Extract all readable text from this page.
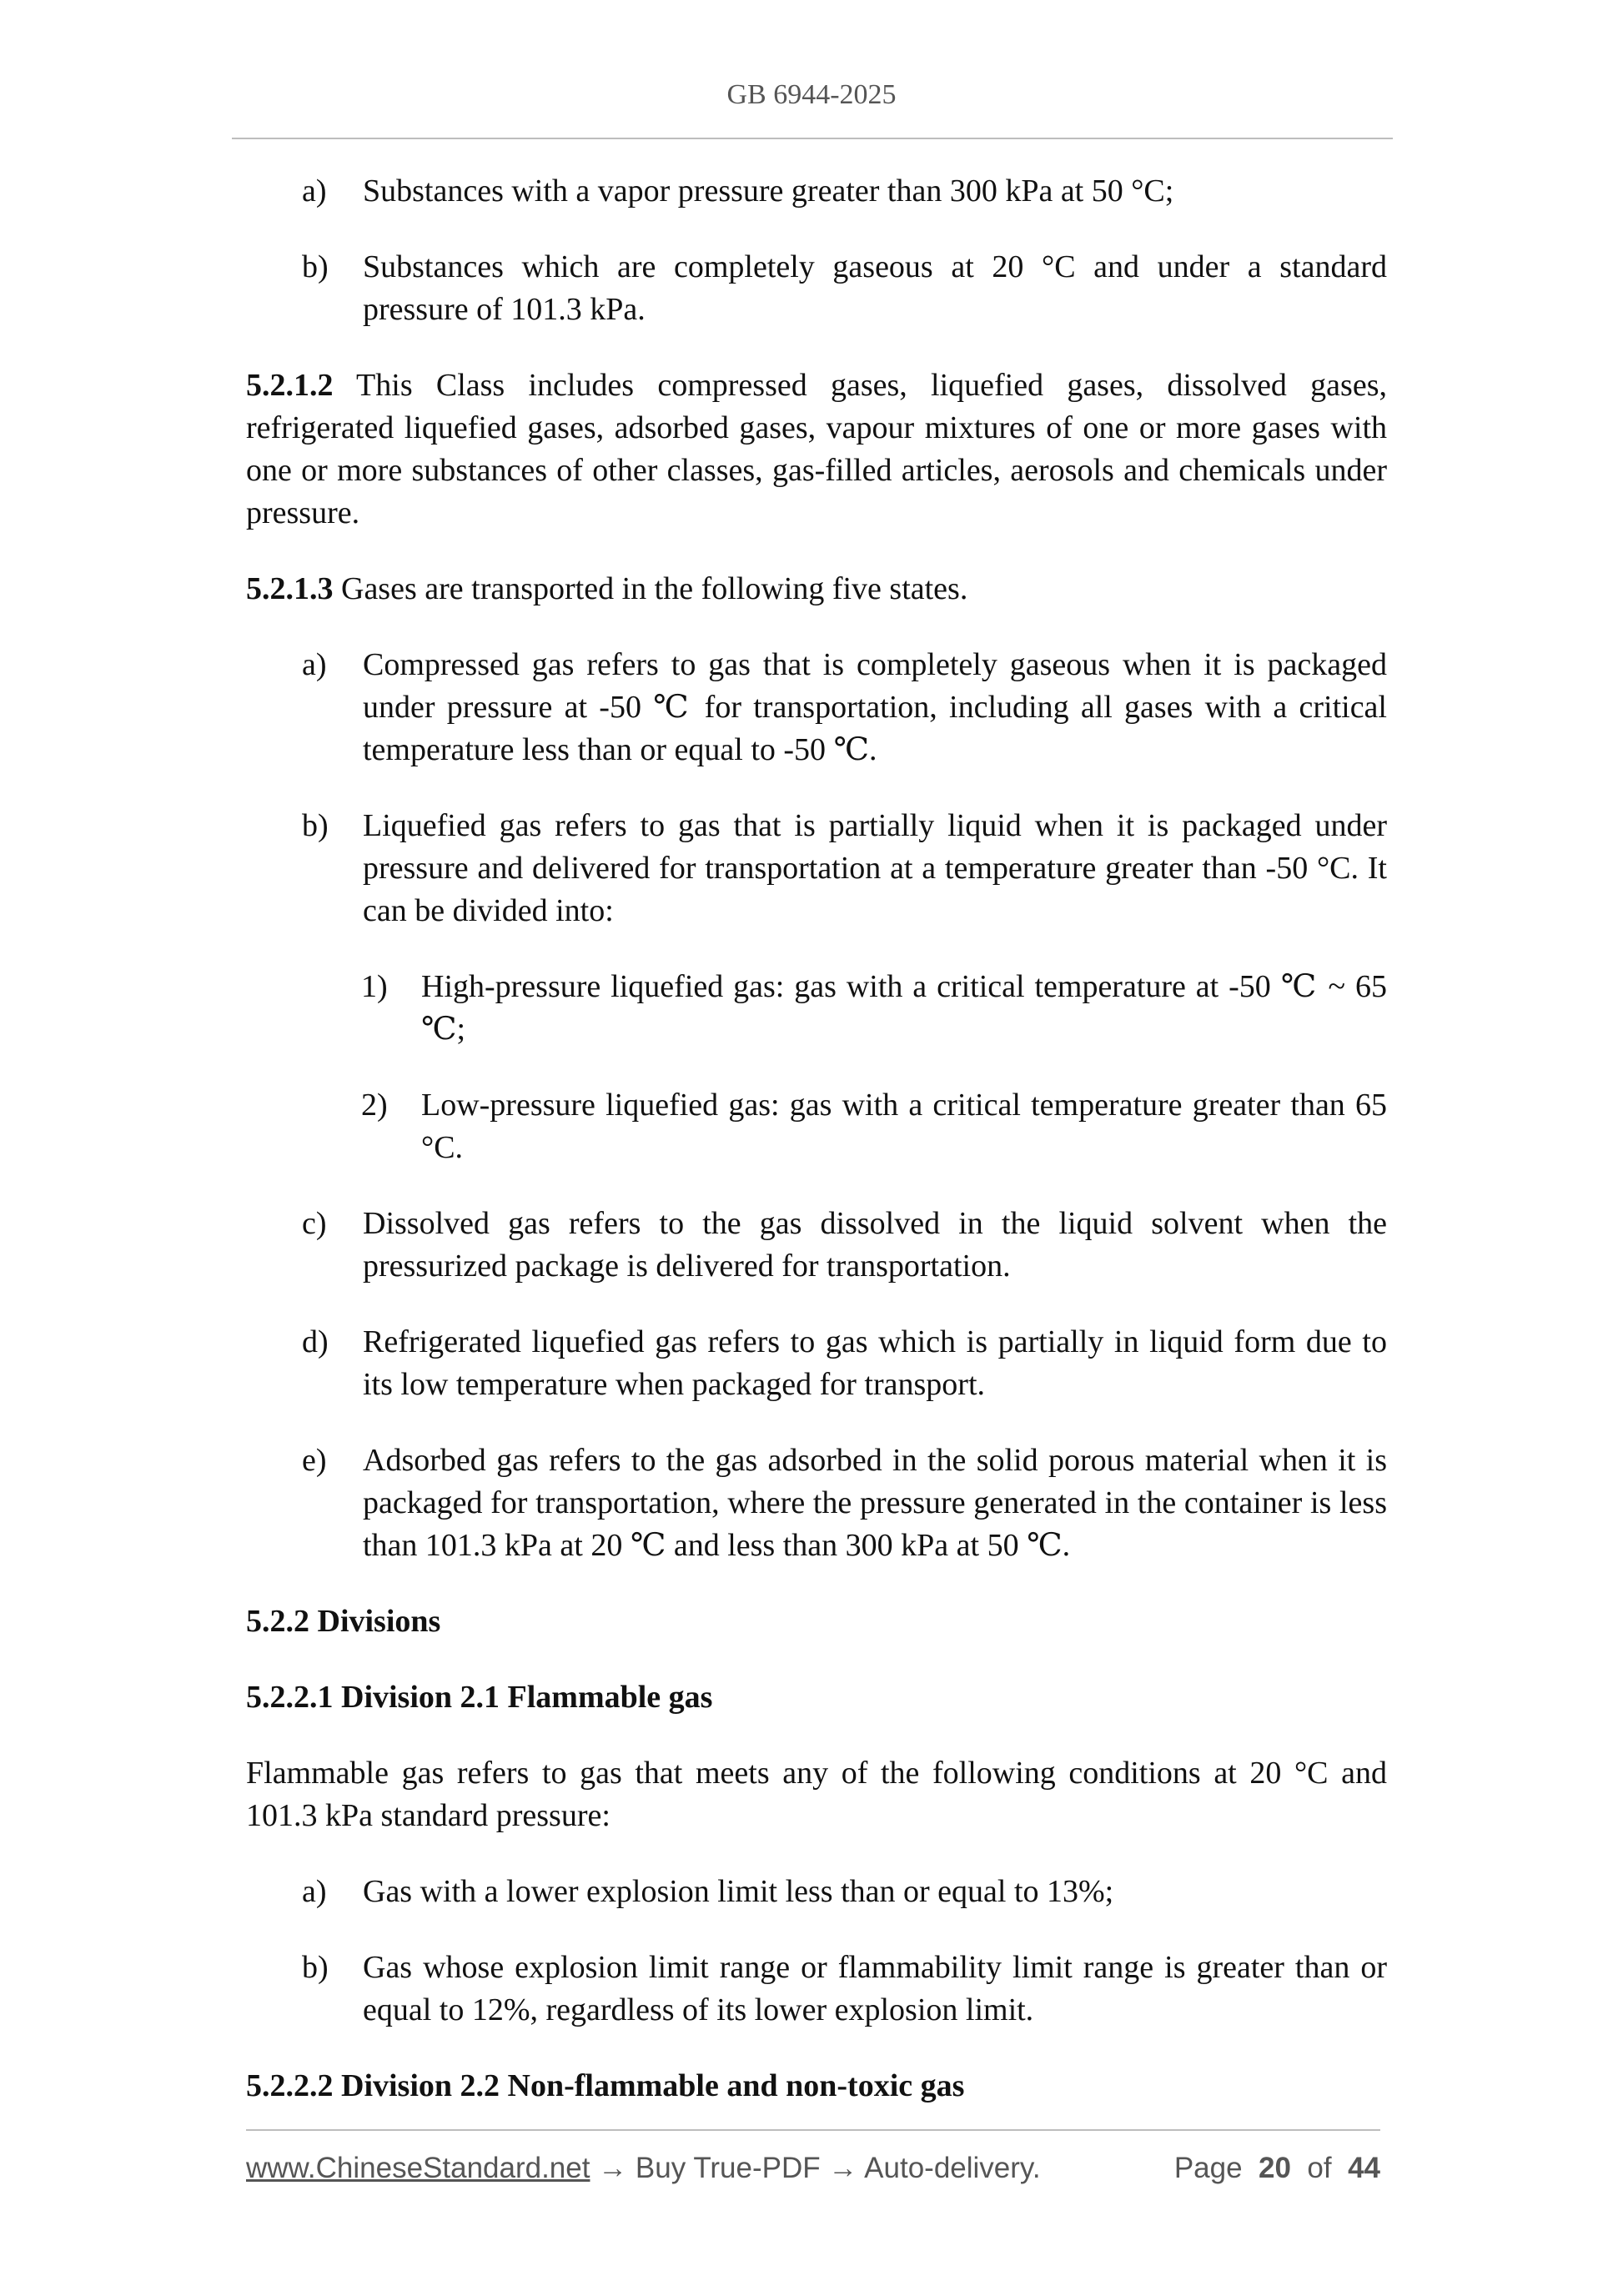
GB 6944-2025
a) Substances with a vapor pressure greater than 300 kPa at 50 °C;
b) Substances which are completely gaseous at 20 °C and under a standard pressure of 101.3 kPa.

5.2.1.2 This Class includes compressed gases, liquefied gases, dissolved gases, refrigerated liquefied gases, adsorbed gases, vapour mixtures of one or more gases with one or more substances of other classes, gas-filled articles, aerosols and chemicals under pressure.

5.2.1.3 Gases are transported in the following five states.

a) Compressed gas refers to gas that is completely gaseous when it is packaged under pressure at -50 ℃ for transportation, including all gases with a critical temperature less than or equal to -50 ℃.
b) Liquefied gas refers to gas that is partially liquid when it is packaged under pressure and delivered for transportation at a temperature greater than -50 °C. It can be divided into:
1) High-pressure liquefied gas: gas with a critical temperature at -50 ℃ ~ 65 ℃;
2) Low-pressure liquefied gas: gas with a critical temperature greater than 65 °C.
c) Dissolved gas refers to the gas dissolved in the liquid solvent when the pressurized package is delivered for transportation.
d) Refrigerated liquefied gas refers to gas which is partially in liquid form due to its low temperature when packaged for transport.
e) Adsorbed gas refers to the gas adsorbed in the solid porous material when it is packaged for transportation, where the pressure generated in the container is less than 101.3 kPa at 20 ℃ and less than 300 kPa at 50 ℃.

5.2.2 Divisions

5.2.2.1 Division 2.1 Flammable gas

Flammable gas refers to gas that meets any of the following conditions at 20 °C and 101.3 kPa standard pressure:

a) Gas with a lower explosion limit less than or equal to 13%;
b) Gas whose explosion limit range or flammability limit range is greater than or equal to 12%, regardless of its lower explosion limit.

5.2.2.2 Division 2.2 Non-flammable and non-toxic gas

www.ChineseStandard.net → Buy True-PDF → Auto-delivery.	Page 20 of 44
